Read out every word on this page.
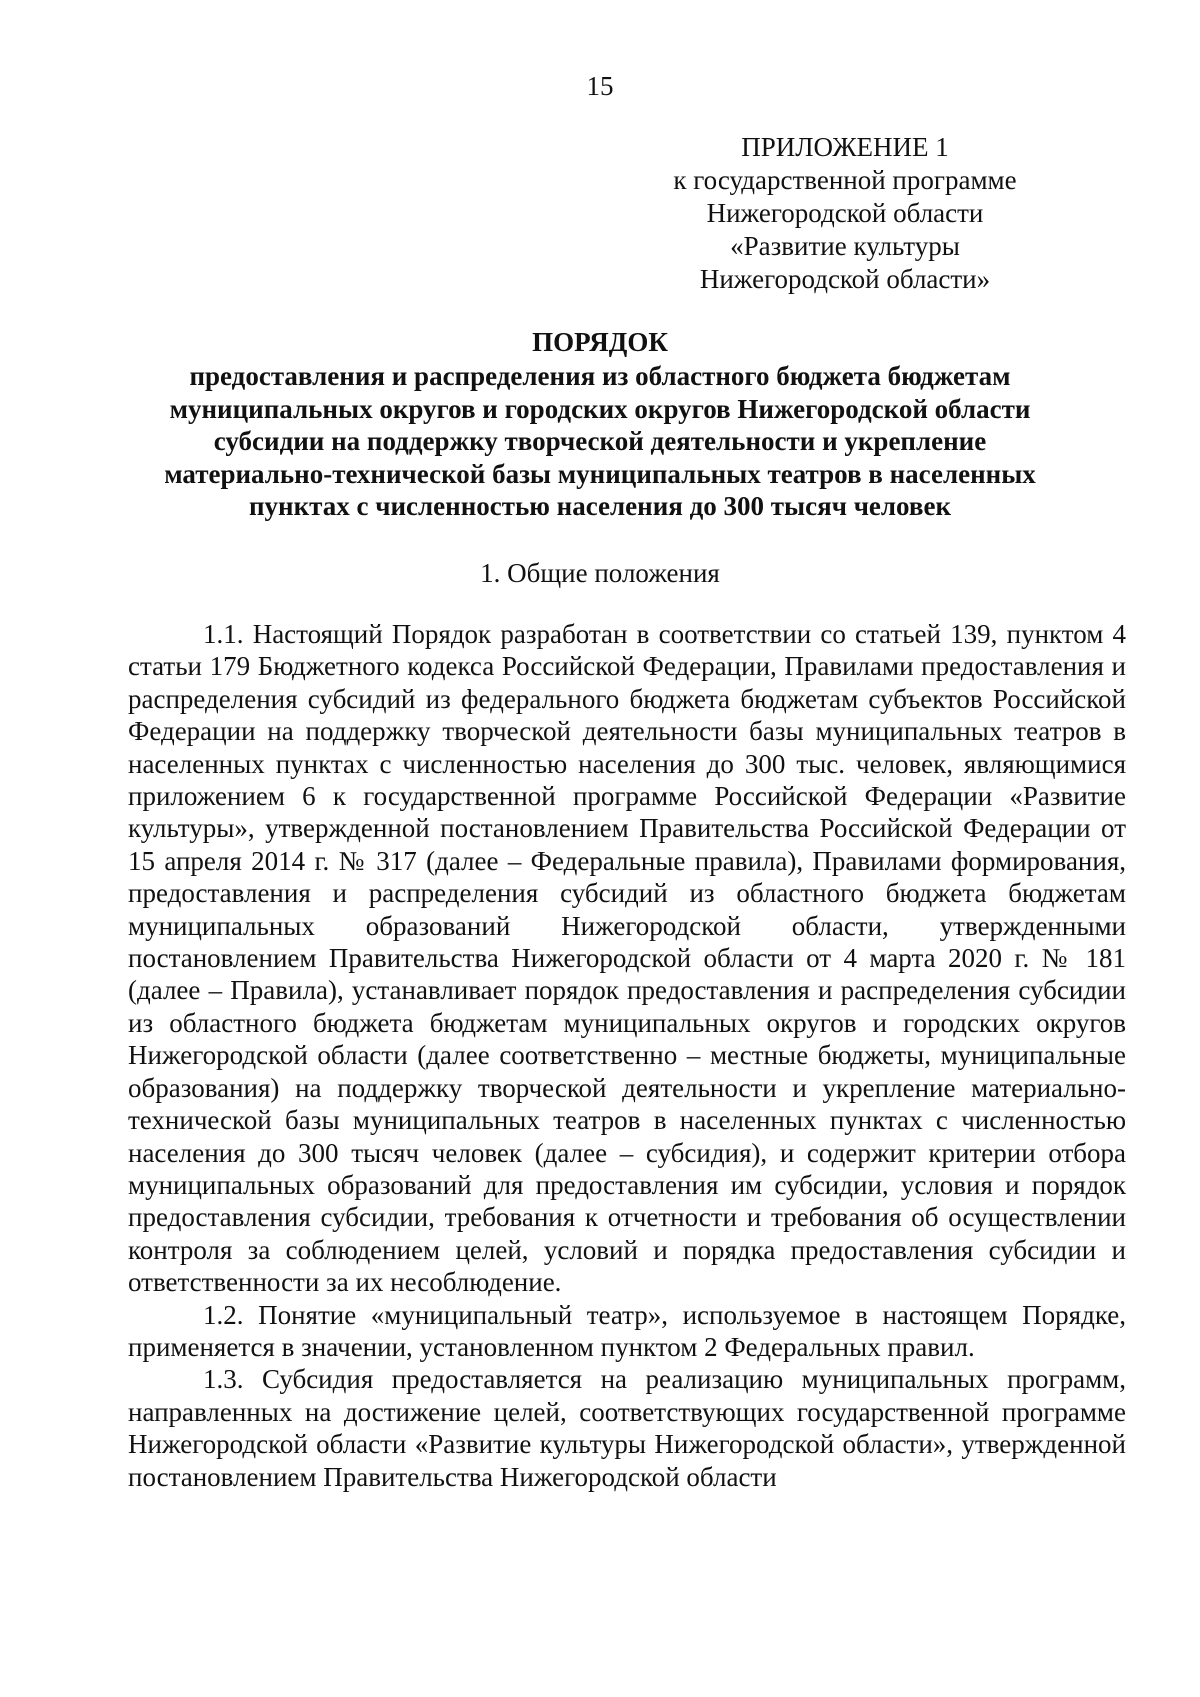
15
ПРИЛОЖЕНИЕ 1
к государственной программе
Нижегородской области
«Развитие культуры
Нижегородской области»
ПОРЯДОК
предоставления и распределения из областного бюджета бюджетам
муниципальных округов и городских округов Нижегородской области
субсидии на поддержку творческой деятельности и укрепление
материально-технической базы муниципальных театров в населенных
пунктах с численностью населения до 300 тысяч человек
1. Общие положения

1.1. Настоящий Порядок разработан в соответствии со статьей 139, пунктом 4 статьи 179 Бюджетного кодекса Российской Федерации, Правилами предоставления и распределения субсидий из федерального бюджета бюджетам субъектов Российской Федерации на поддержку творческой деятельности базы муниципальных театров в населенных пунктах с численностью населения до 300 тыс. человек, являющимися приложением 6 к государственной программе Российской Федерации «Развитие культуры», утвержденной постановлением Правительства Российской Федерации от 15 апреля 2014 г. № 317 (далее – Федеральные правила), Правилами формирования, предоставления и распределения субсидий из областного бюджета бюджетам муниципальных образований Нижегородской области, утвержденными постановлением Правительства Нижегородской области от 4 марта 2020 г. № 181 (далее – Правила), устанавливает порядок предоставления и распределения субсидии из областного бюджета бюджетам муниципальных округов и городских округов Нижегородской области (далее соответственно – местные бюджеты, муниципальные образования) на поддержку творческой деятельности и укрепление материально-технической базы муниципальных театров в населенных пунктах с численностью населения до 300 тысяч человек (далее – субсидия), и содержит критерии отбора муниципальных образований для предоставления им субсидии, условия и порядок предоставления субсидии, требования к отчетности и требования об осуществлении контроля за соблюдением целей, условий и порядка предоставления субсидии и ответственности за их несоблюдение.

1.2. Понятие «муниципальный театр», используемое в настоящем Порядке, применяется в значении, установленном пунктом 2 Федеральных правил.

1.3. Субсидия предоставляется на реализацию муниципальных программ, направленных на достижение целей, соответствующих государственной программе Нижегородской области «Развитие культуры Нижегородской области», утвержденной постановлением Правительства Нижегородской области
